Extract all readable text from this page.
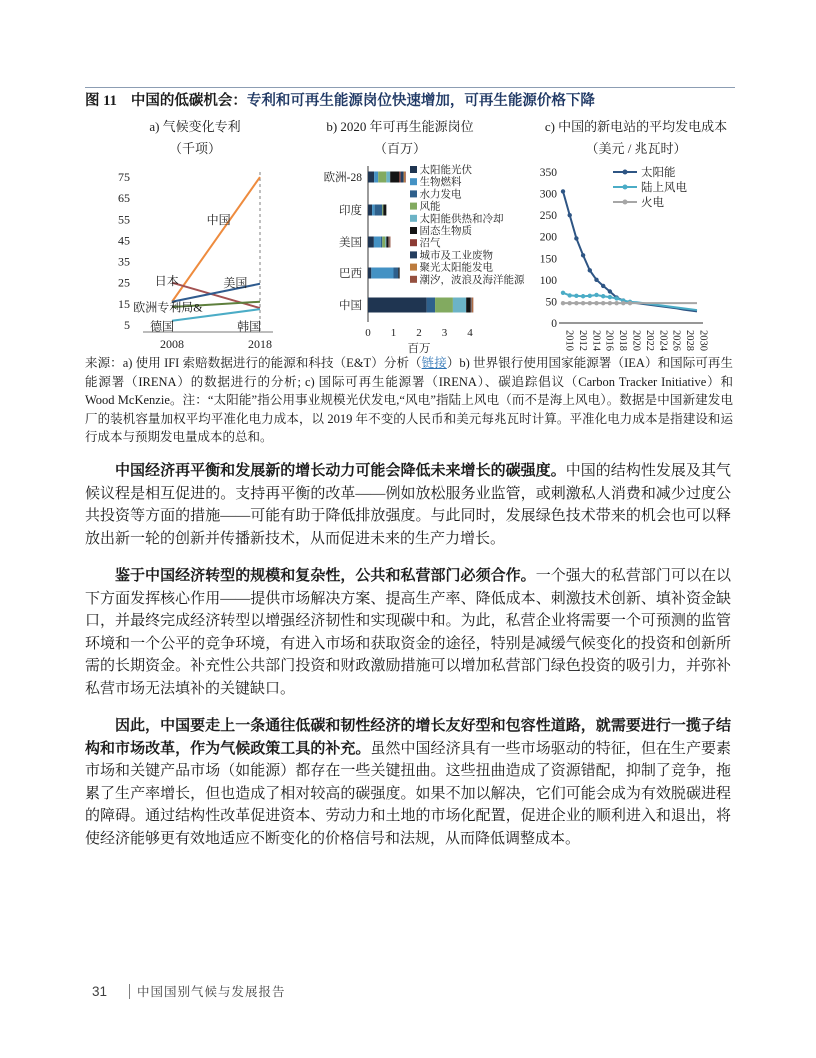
图 11 中国的低碳机会：专利和可再生能源岗位快速增加，可再生能源价格下降
a) 气候变化专利
（千项）
b) 2020 年可再生能源岗位
（百万）
c) 中国的新电站的平均发电成本
（美元 / 兆瓦时）
5
15
25
35
45
55
65
75
2008	2018
中国
日本	美国
欧洲专利局&
德国	韩国
欧洲-28
印度
美国
巴西
中国
0 1 2 3 4
百万
太阳能光伏
生物燃料
水力发电
风能
太阳能供热和冷却
固态生物质
沼气
城市及工业废物
聚光太阳能发电
潮汐，波浪及海洋能源
0
50
100
150
200
250
300
350
2010 2012 2014 2016 2018 2020 2022 2024 2026 2028 2030
太阳能
陆上风电
火电
来源：a) 使用 IFI 索赔数据进行的能源和科技（E&T）分析（链接）b) 世界银行使用国家能源署（IEA）和国际可再生能源署（IRENA）的数据进行的分析; c) 国际可再生能源署（IRENA）、碳追踪倡议（Carbon Tracker Initiative）和 Wood McKenzie。注：“太阳能”指公用事业规模光伏发电,“风电”指陆上风电（而不是海上风电）。数据是中国新建发电厂的装机容量加权平均平准化电力成本，以 2019 年不变的人民币和美元每兆瓦时计算。平准化电力成本是指建设和运行成本与预期发电量成本的总和。

中国经济再平衡和发展新的增长动力可能会降低未来增长的碳强度。中国的结构性发展及其气候议程是相互促进的。支持再平衡的改革——例如放松服务业监管，或刺激私人消费和减少过度公共投资等方面的措施——可能有助于降低排放强度。与此同时，发展绿色技术带来的机会也可以释放出新一轮的创新并传播新技术，从而促进未来的生产力增长。

鉴于中国经济转型的规模和复杂性，公共和私营部门必须合作。一个强大的私营部门可以在以下方面发挥核心作用——提供市场解决方案、提高生产率、降低成本、刺激技术创新、填补资金缺口，并最终完成经济转型以增强经济韧性和实现碳中和。为此，私营企业将需要一个可预测的监管环境和一个公平的竞争环境，有进入市场和获取资金的途径，特别是减缓气候变化的投资和创新所需的长期资金。补充性公共部门投资和财政激励措施可以增加私营部门绿色投资的吸引力，并弥补私营市场无法填补的关键缺口。

因此，中国要走上一条通往低碳和韧性经济的增长友好型和包容性道路，就需要进行一揽子结构和市场改革，作为气候政策工具的补充。虽然中国经济具有一些市场驱动的特征，但在生产要素市场和关键产品市场（如能源）都存在一些关键扭曲。这些扭曲造成了资源错配，抑制了竞争，拖累了生产率增长，但也造成了相对较高的碳强度。如果不加以解决，它们可能会成为有效脱碳进程的障碍。通过结构性改革促进资本、劳动力和土地的市场化配置，促进企业的顺利进入和退出，将使经济能够更有效地适应不断变化的价格信号和法规，从而降低调整成本。

31 中国国别气候与发展报告
